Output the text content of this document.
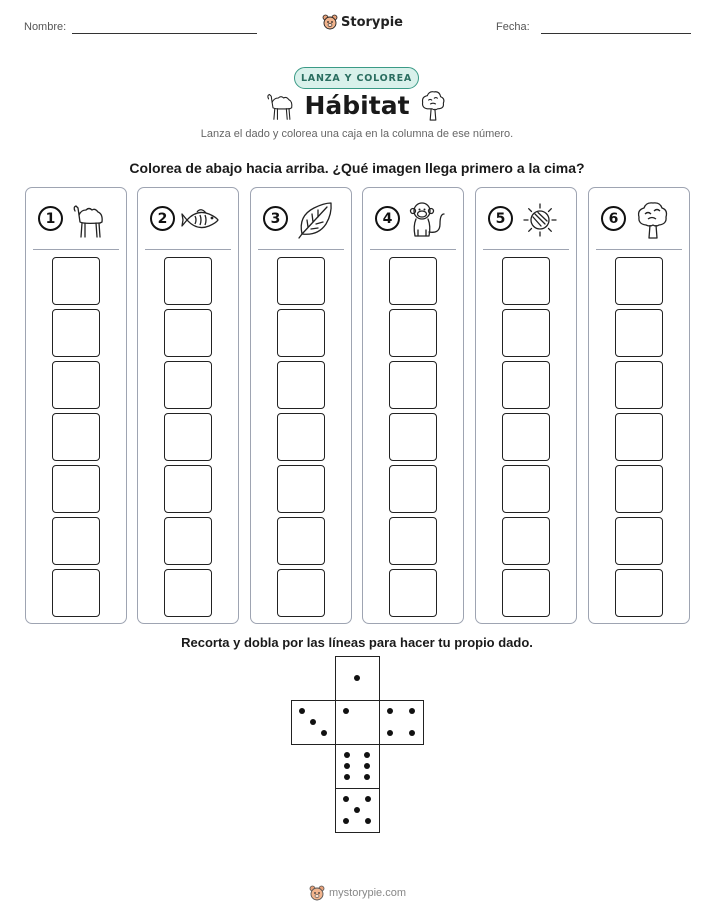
Nombre:	Fecha:
Storypie
LANZA Y COLOREA
Hábitat
Lanza el dado y colorea una caja en la columna de ese número.
Colorea de abajo hacia arriba. ¿Qué imagen llega primero a la cima?
1	2	3	4	5	6
Recorta y dobla por las líneas para hacer tu propio dado.
mystorypie.com
